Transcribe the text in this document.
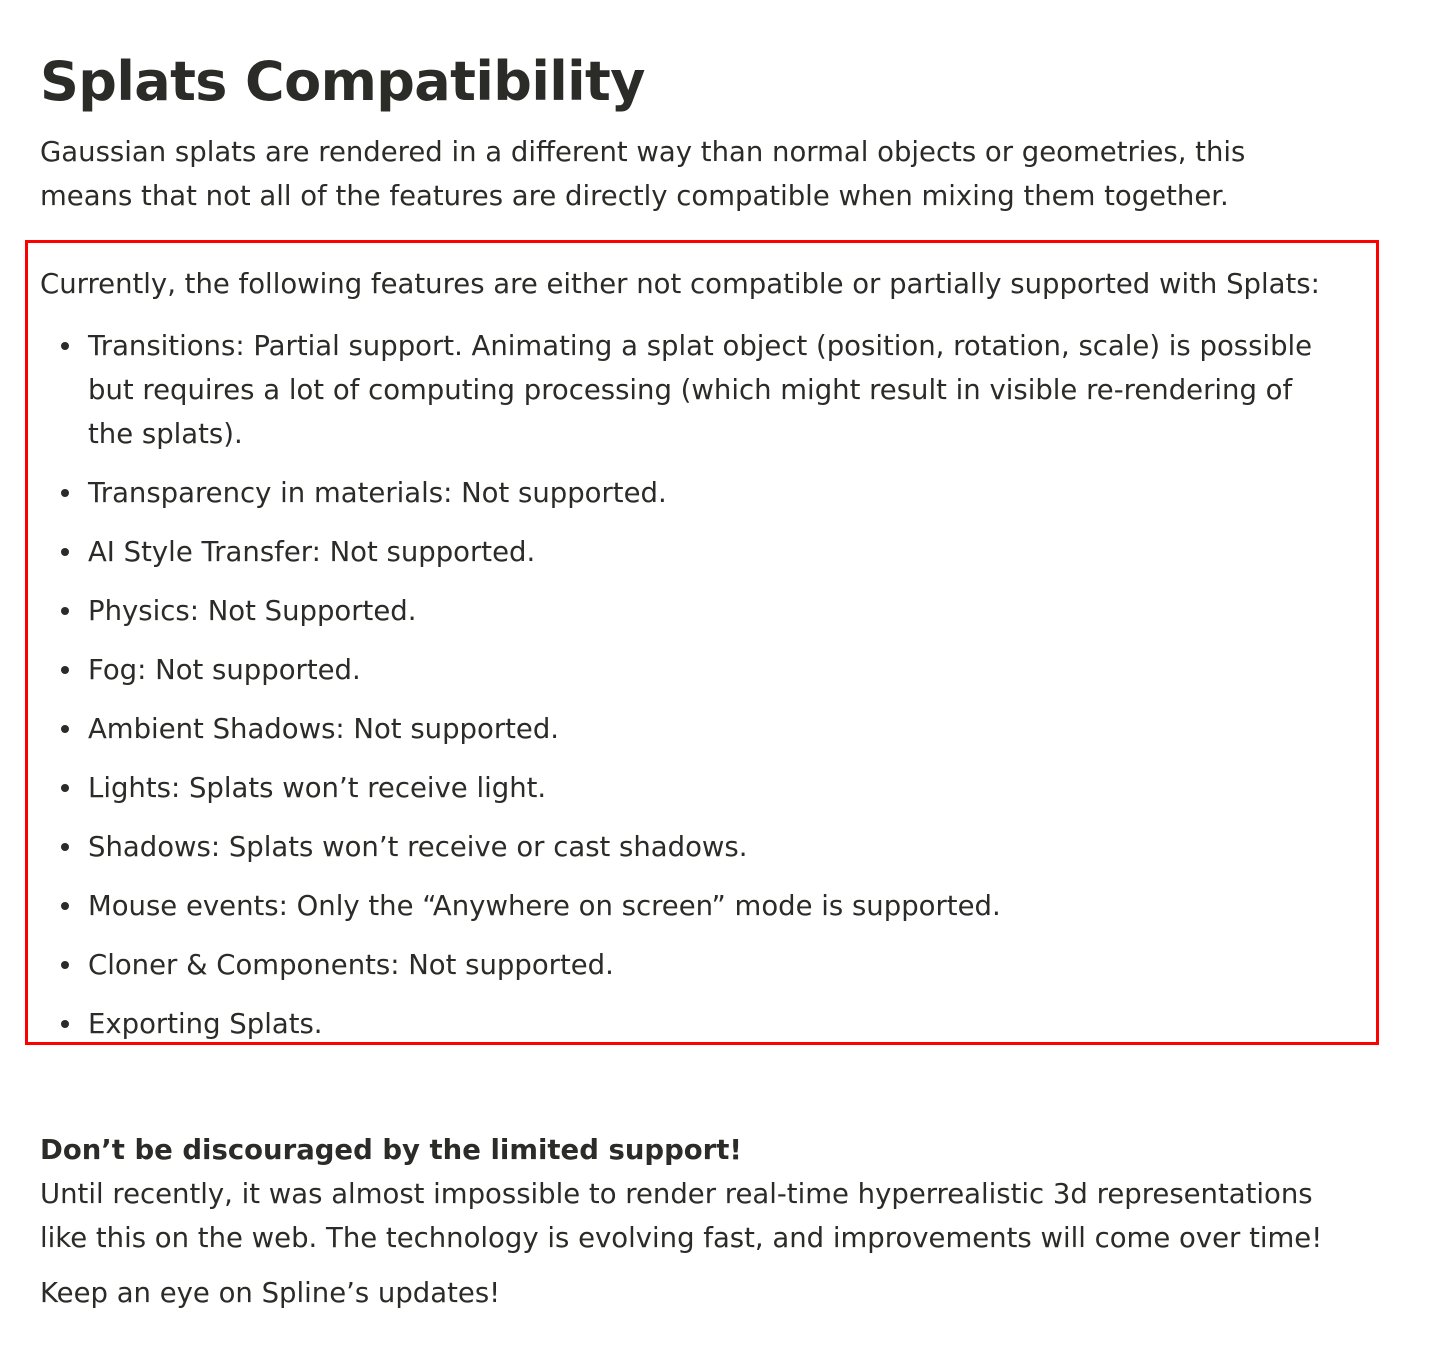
Splats Compatibility

Gaussian splats are rendered in a different way than normal objects or geometries, this means that not all of the features are directly compatible when mixing them together.

Currently, the following features are either not compatible or partially supported with Splats:

Transitions: Partial support. Animating a splat object (position, rotation, scale) is possible but requires a lot of computing processing (which might result in visible re-rendering of the splats).
Transparency in materials: Not supported.
AI Style Transfer: Not supported.
Physics: Not Supported.
Fog: Not supported.
Ambient Shadows: Not supported.
Lights: Splats won’t receive light.
Shadows: Splats won’t receive or cast shadows.
Mouse events: Only the “Anywhere on screen” mode is supported.
Cloner & Components: Not supported.
Exporting Splats.

Don’t be discouraged by the limited support!

Until recently, it was almost impossible to render real-time hyperrealistic 3d representations like this on the web. The technology is evolving fast, and improvements will come over time!

Keep an eye on Spline’s updates!
